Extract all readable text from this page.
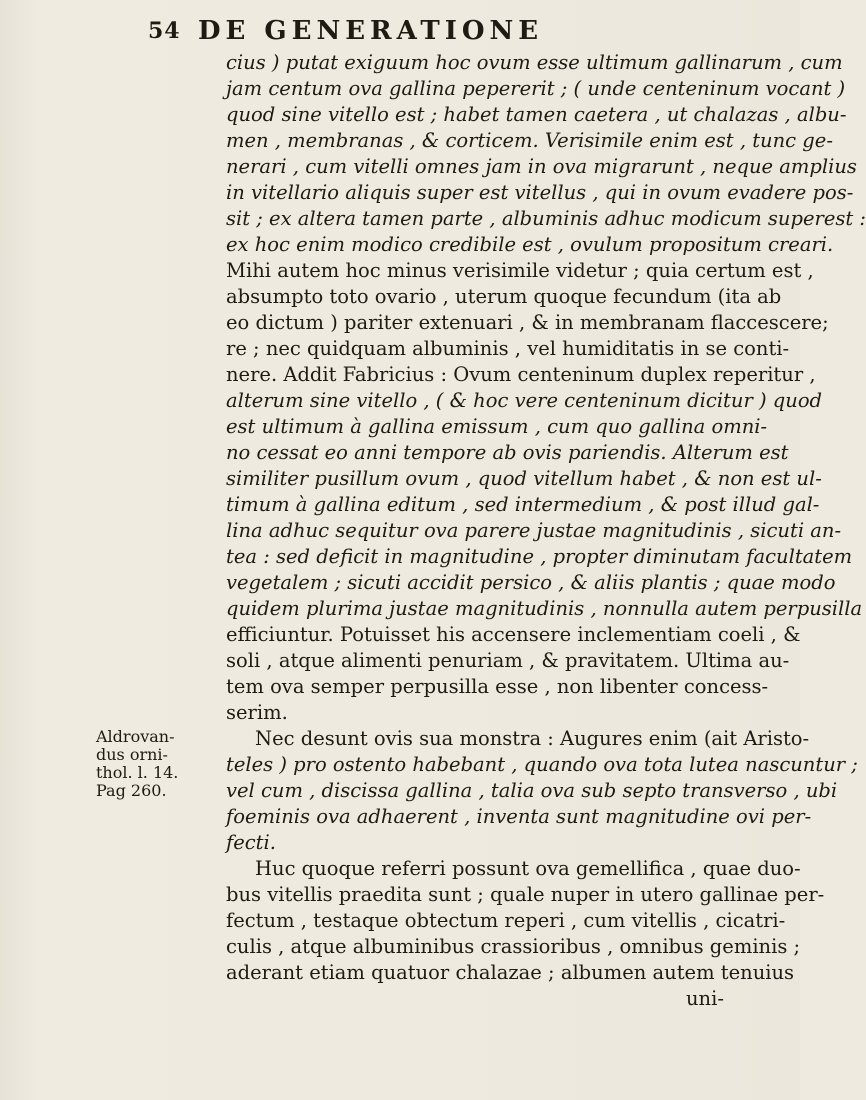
54 DE GENERATIONE
cius ) putat exiguum hoc ovum esse ultimum gallinarum , cum
jam centum ova gallina pepererit ; ( unde centeninum vocant )
quod sine vitello est ; habet tamen caetera , ut chalazas , albu-
men , membranas , & corticem. Verisimile enim est , tunc ge-
nerari , cum vitelli omnes jam in ova migrarunt , neque amplius
in vitellario aliquis super est vitellus , qui in ovum evadere pos-
sit ; ex altera tamen parte , albuminis adhuc modicum superest :
ex hoc enim modico credibile est , ovulum propositum creari.
Mihi autem hoc minus verisimile videtur ; quia certum est ,
absumpto toto ovario , uterum quoque fecundum (ita ab
eo dictum ) pariter extenuari , & in membranam flaccescere;
re ; nec quidquam albuminis , vel humiditatis in se conti-
nere. Addit Fabricius : Ovum centeninum duplex reperitur ,
alterum sine vitello , ( & hoc vere centeninum dicitur ) quod
est ultimum à gallina emissum , cum quo gallina omni-
no cessat eo anni tempore ab ovis pariendis. Alterum est
similiter pusillum ovum , quod vitellum habet , & non est ul-
timum à gallina editum , sed intermedium , & post illud gal-
lina adhuc sequitur ova parere justae magnitudinis , sicuti an-
tea : sed deficit in magnitudine , propter diminutam facultatem
vegetalem ; sicuti accidit persico , & aliis plantis ; quae modo
quidem plurima justae magnitudinis , nonnulla autem perpusilla
efficiuntur. Potuisset his accensere inclementiam coeli , &
soli , atque alimenti penuriam , & pravitatem. Ultima au-
tem ova semper perpusilla esse , non libenter concess-
serim.
Nec desunt ovis sua monstra : Augures enim (ait Aristo-
teles ) pro ostento habebant , quando ova tota lutea nascuntur ;
vel cum , discissa gallina , talia ova sub septo transverso , ubi
foeminis ova adhaerent , inventa sunt magnitudine ovi per-
fecti.
Huc quoque referri possunt ova gemellifica , quae duo-
bus vitellis praedita sunt ; quale nuper in utero gallinae per-
fectum , testaque obtectum reperi , cum vitellis , cicatri-
culis , atque albuminibus crassioribus , omnibus geminis ;
aderant etiam quatuor chalazae ; albumen autem tenuius
uni-
Aldrovan-
dus orni-
thol. l. 14.
Pag 260.
